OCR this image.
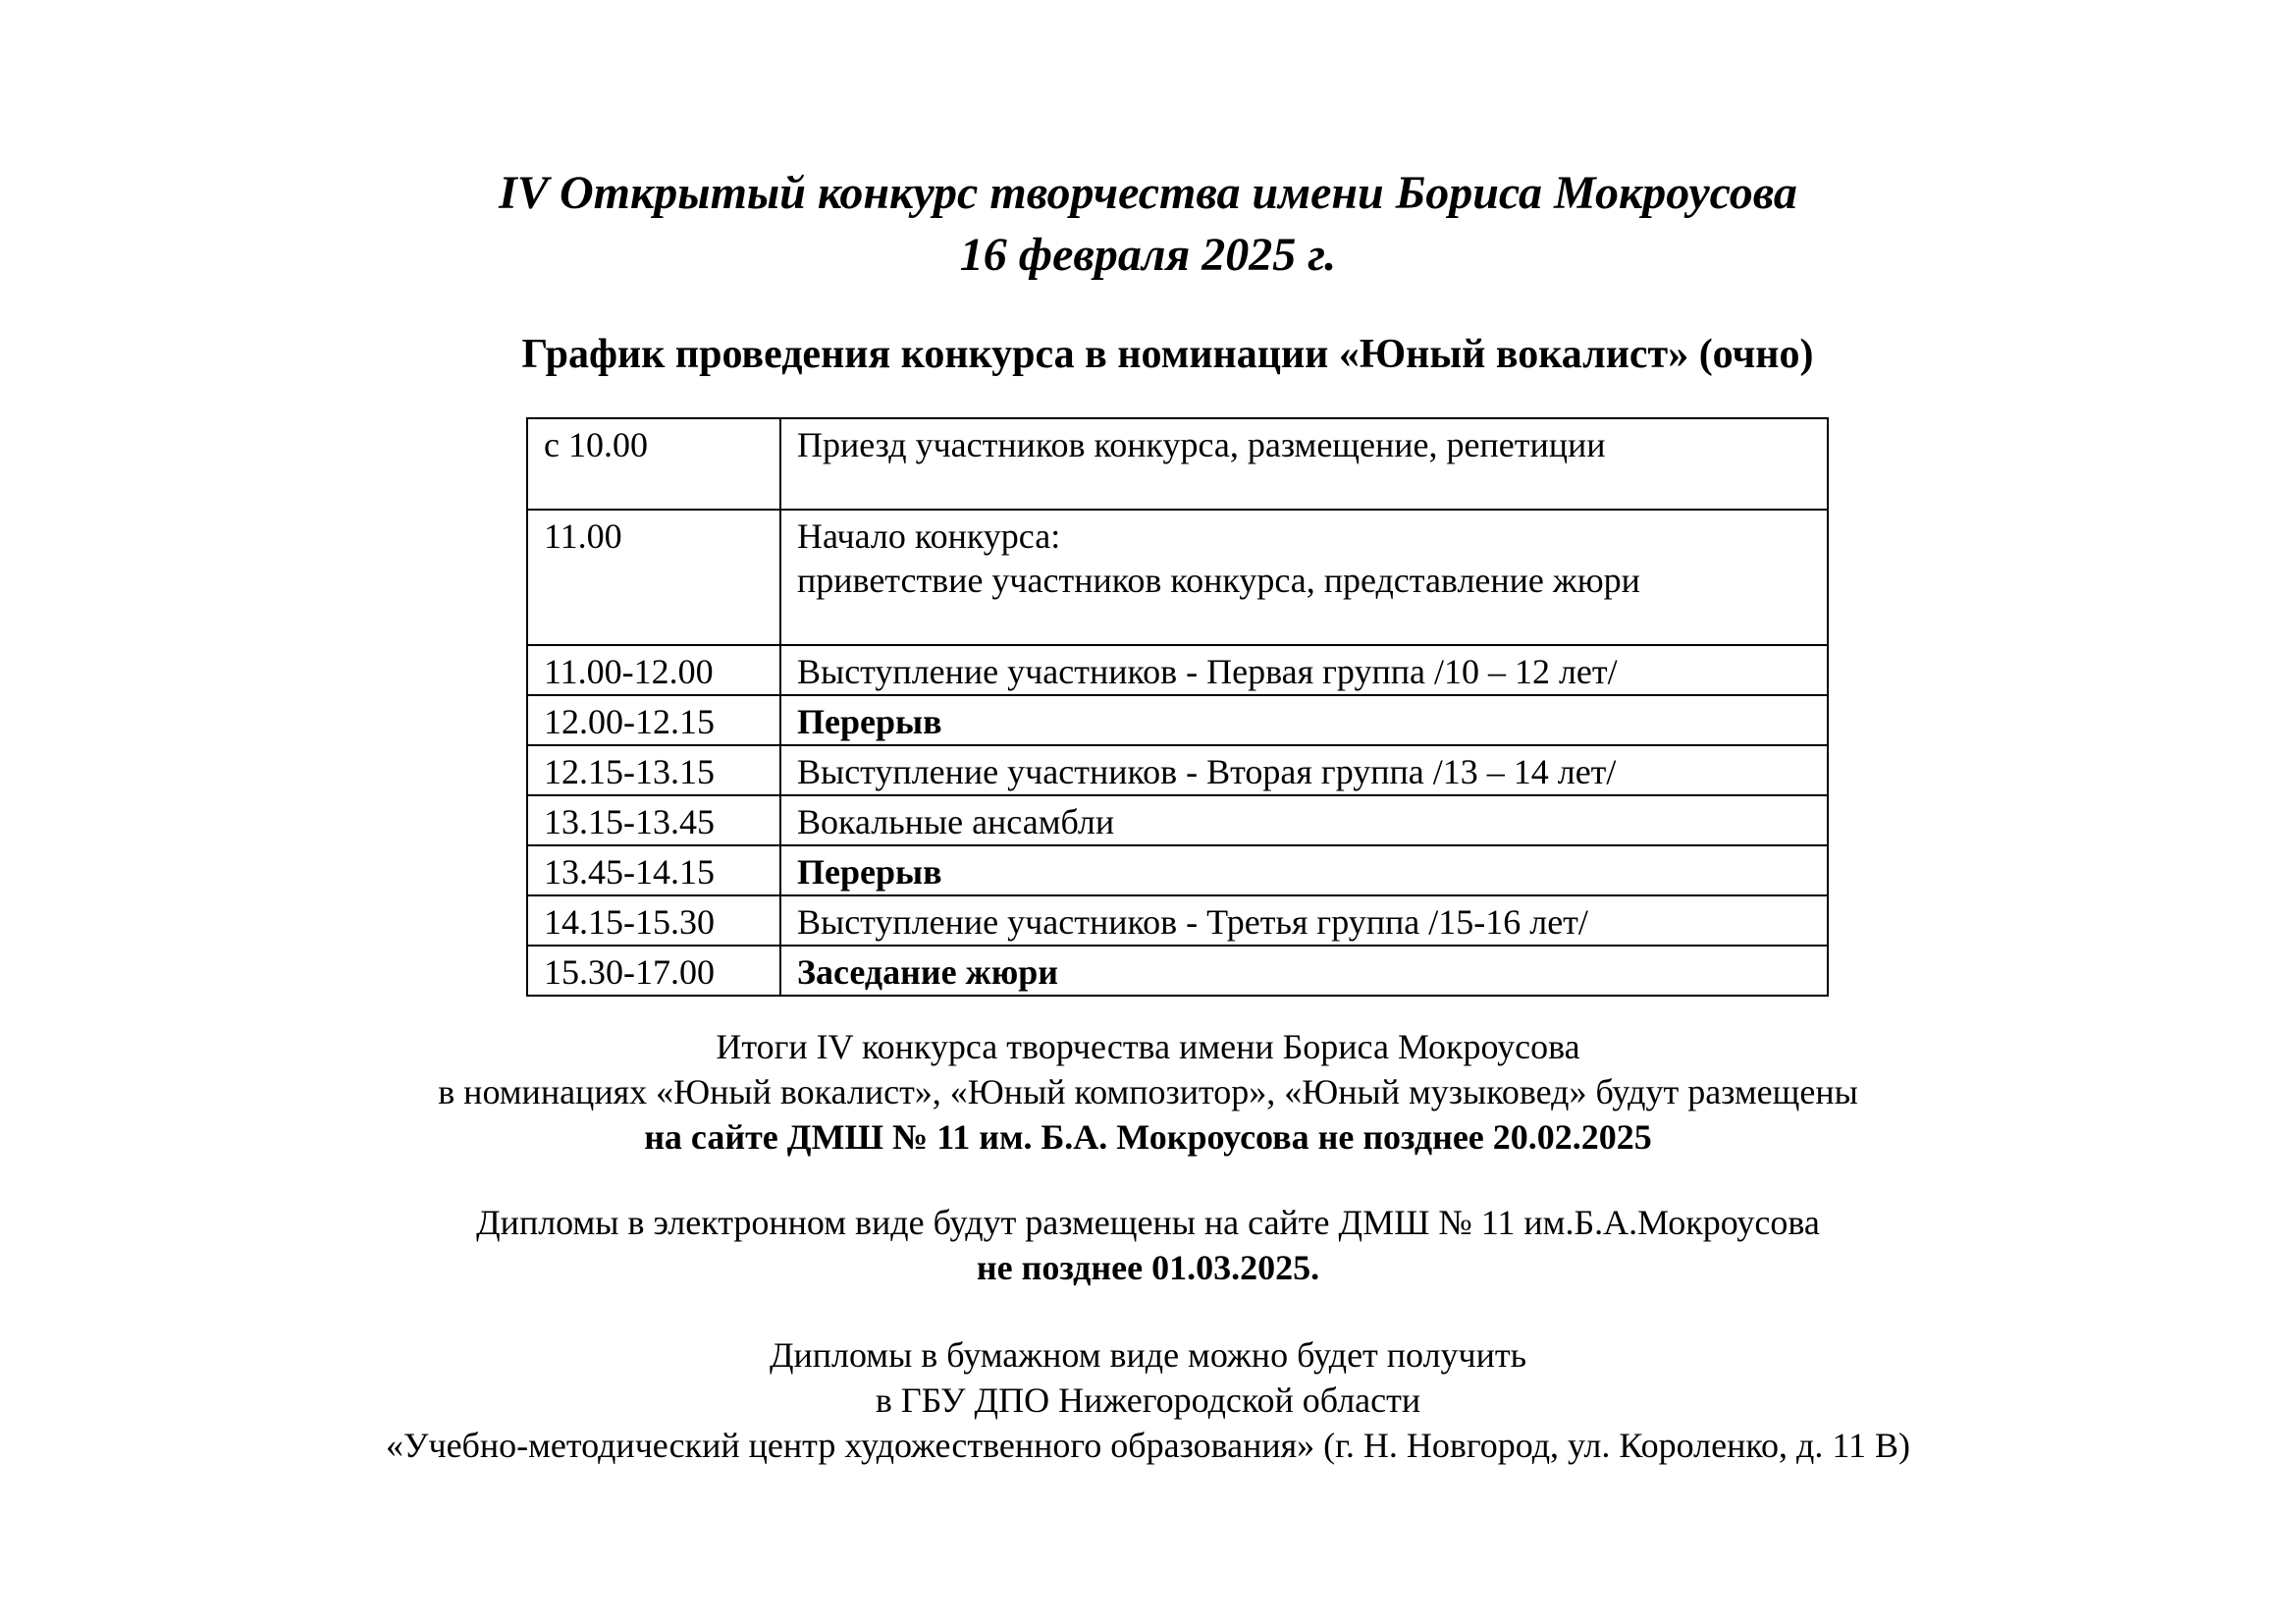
IV Открытый конкурс творчества имени Бориса Мокроусова
16 февраля 2025 г.
График проведения конкурса в номинации «Юный вокалист» (очно)
с 10.00	Приезд участников конкурса, размещение, репетиции
11.00	Начало конкурса:
приветствие участников конкурса, представление жюри

11.00-12.00	Выступление участников - Первая группа /10 – 12 лет/
12.00-12.15	Перерыв
12.15-13.15	Выступление участников - Вторая группа /13 – 14 лет/
13.15-13.45	Вокальные ансамбли
13.45-14.15	Перерыв
14.15-15.30	Выступление участников - Третья группа /15-16 лет/
15.30-17.00	Заседание жюри
Итоги IV конкурса творчества имени Бориса Мокроусова
в номинациях «Юный вокалист», «Юный композитор», «Юный музыковед» будут размещены
на сайте ДМШ № 11 им. Б.А. Мокроусова не позднее 20.02.2025
Дипломы в электронном виде будут размещены на сайте ДМШ № 11 им.Б.А.Мокроусова
не позднее 01.03.2025.
Дипломы в бумажном виде можно будет получить
в ГБУ ДПО Нижегородской области
«Учебно-методический центр художественного образования» (г. Н. Новгород, ул. Короленко, д. 11 В)
